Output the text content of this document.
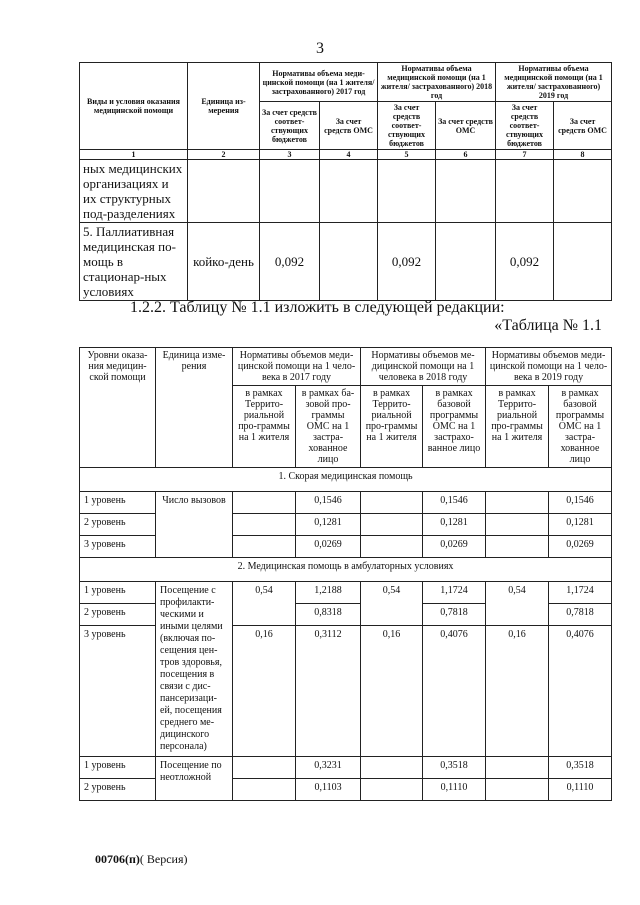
3
Виды и условия оказания медицинской помощи	Единица из-мерения	Нормативы объема меди-цинской помощи (на 1 жителя/ застрахованного) 2017 год		Нормативы объема медицинской помощи (на 1 жителя/ застрахованного) 2018 год		Нормативы объема медицинской помощи (на 1 жителя/ застрахованного) 2019 год	
		За счет средств соответ-ствующих бюджетов	За счет средств ОМС	За счет средств соответ-ствующих бюджетов	За счет средств ОМС	За счет средств соответ-ствующих бюджетов	За счет средств ОМС
1	2	3	4	5	6	7	8
ных медицинских организациях и их структурных под-разделениях							
5. Паллиативная медицинская по-мощь в стационар-ных условиях	койко-день	0,092		0,092		0,092	
1.2.2. Таблицу № 1.1 изложить в следующей редакции:
«Таблица № 1.1
Уровни оказа-ния медицин-ской помощи	Единица изме-рения	Нормативы объемов меди-цинской помощи на 1 чело-века в 2017 году		Нормативы объемов ме-дицинской помощи на 1 человека в 2018 году		Нормативы объемов меди-цинской помощи на 1 чело-века в 2019 году	
		в рамках Террито-риальной про-граммы на 1 жителя	в рамках ба-зовой про-граммы ОМС на 1 застра-хованное лицо	в рамках Террито-риальной про-граммы на 1 жителя	в рамках базовой программы ОМС на 1 застрахо-ванное лицо	в рамках Террито-риальной про-граммы на 1 жителя	в рамках базовой программы ОМС на 1 застра-хованное лицо
1. Скорая медицинская помощь							
1 уровень	Число вызовов		0,1546		0,1546		0,1546
2 уровень			0,1281		0,1281		0,1281
3 уровень			0,0269		0,0269		0,0269
2. Медицинская помощь в амбулаторных условиях							
1 уровень	Посещение с профилакти-ческими и иными целями (включая по-сещения цен-тров здоровья, посещения в связи с дис-пансеризаци-ей, посещения среднего ме-дицинского персонала)	0,54	1,2188	0,54	1,1724	0,54	1,1724
2 уровень			0,8318		0,7818		0,7818
3 уровень		0,16	0,3112	0,16	0,4076	0,16	0,4076
1 уровень	Посещение по неотложной		0,3231		0,3518		0,3518
2 уровень			0,1103		0,1110		0,1110
00706(п)( Версия)
